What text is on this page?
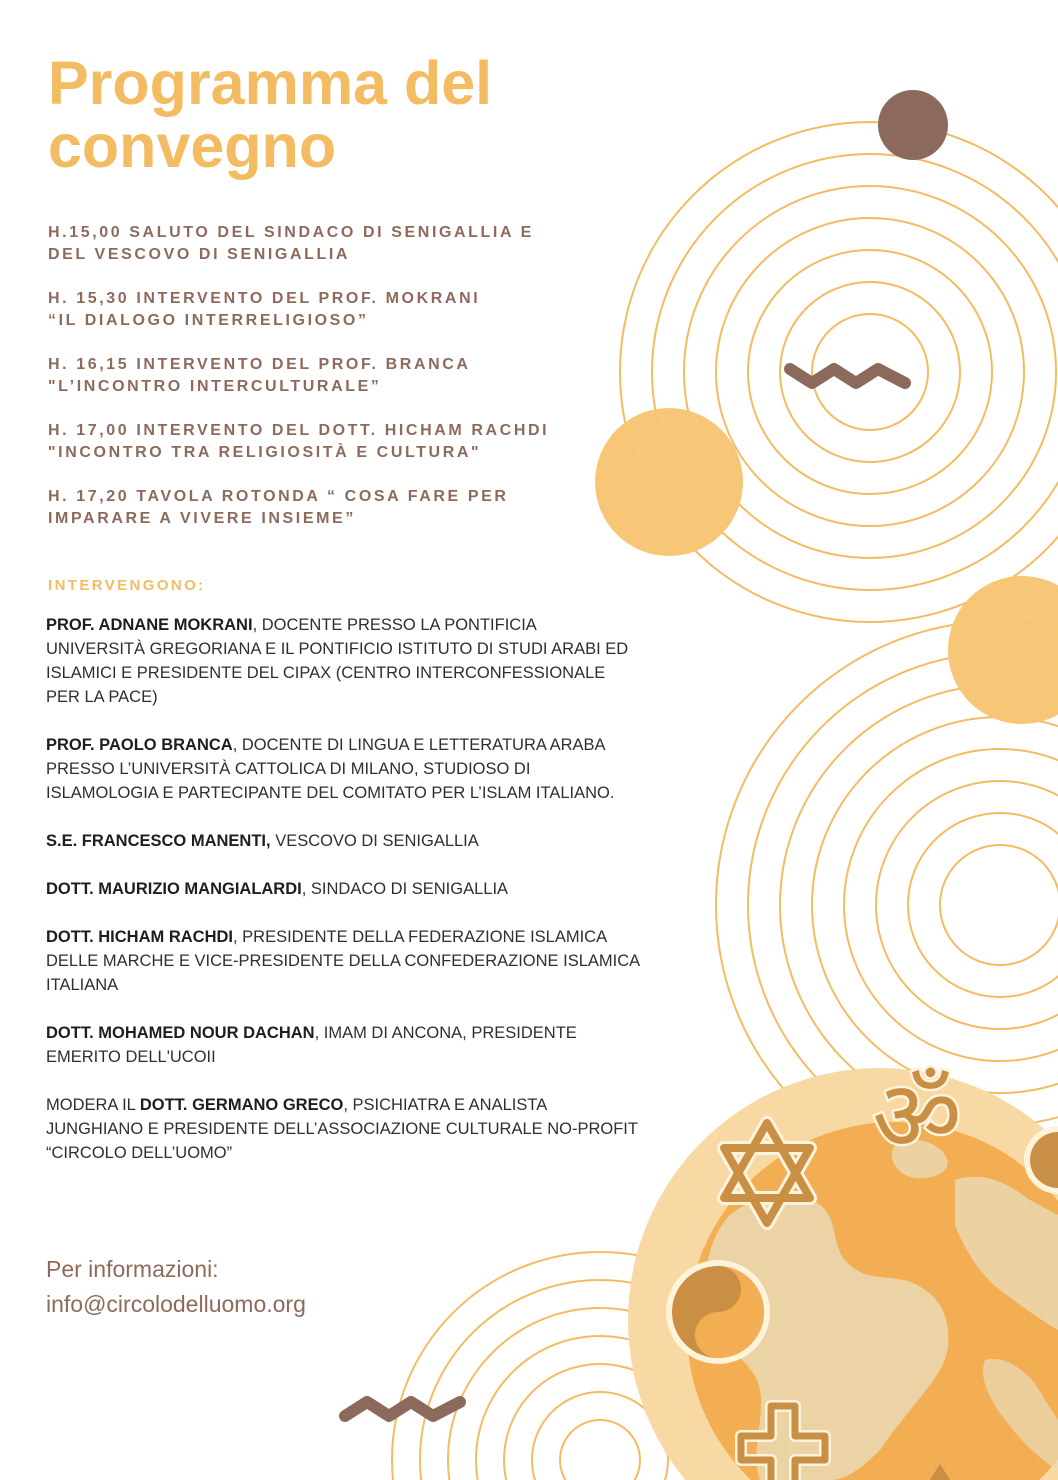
ॐ
Programma del
convegno
H.15,00 SALUTO DEL SINDACO DI SENIGALLIA E
DEL VESCOVO DI SENIGALLIA
H. 15,30 INTERVENTO DEL PROF. MOKRANI
“IL DIALOGO INTERRELIGIOSO”
H. 16,15 INTERVENTO DEL PROF. BRANCA
"L’INCONTRO INTERCULTURALE”
H. 17,00 INTERVENTO DEL DOTT. HICHAM RACHDI
"INCONTRO TRA RELIGIOSITÀ E CULTURA"
H. 17,20 TAVOLA ROTONDA “ COSA FARE PER
IMPARARE A VIVERE INSIEME”
INTERVENGONO:
PROF. ADNANE MOKRANI, DOCENTE PRESSO LA PONTIFICIA
UNIVERSITÀ GREGORIANA E IL PONTIFICIO ISTITUTO DI STUDI ARABI ED
ISLAMICI E PRESIDENTE DEL CIPAX (CENTRO INTERCONFESSIONALE
PER LA PACE)
PROF. PAOLO BRANCA, DOCENTE DI LINGUA E LETTERATURA ARABA
PRESSO L’UNIVERSITÀ CATTOLICA DI MILANO, STUDIOSO DI
ISLAMOLOGIA E PARTECIPANTE DEL COMITATO PER L’ISLAM ITALIANO.
S.E. FRANCESCO MANENTI, VESCOVO DI SENIGALLIA
DOTT. MAURIZIO MANGIALARDI, SINDACO DI SENIGALLIA
DOTT. HICHAM RACHDI, PRESIDENTE DELLA FEDERAZIONE ISLAMICA
DELLE MARCHE E VICE-PRESIDENTE DELLA CONFEDERAZIONE ISLAMICA
ITALIANA
DOTT. MOHAMED NOUR DACHAN, IMAM DI ANCONA, PRESIDENTE
EMERITO DELL'UCOII
MODERA IL DOTT. GERMANO GRECO, PSICHIATRA E ANALISTA
JUNGHIANO E PRESIDENTE DELL’ASSOCIAZIONE CULTURALE NO-PROFIT
“CIRCOLO DELL’UOMO”
Per informazioni:
info@circolodelluomo.org
